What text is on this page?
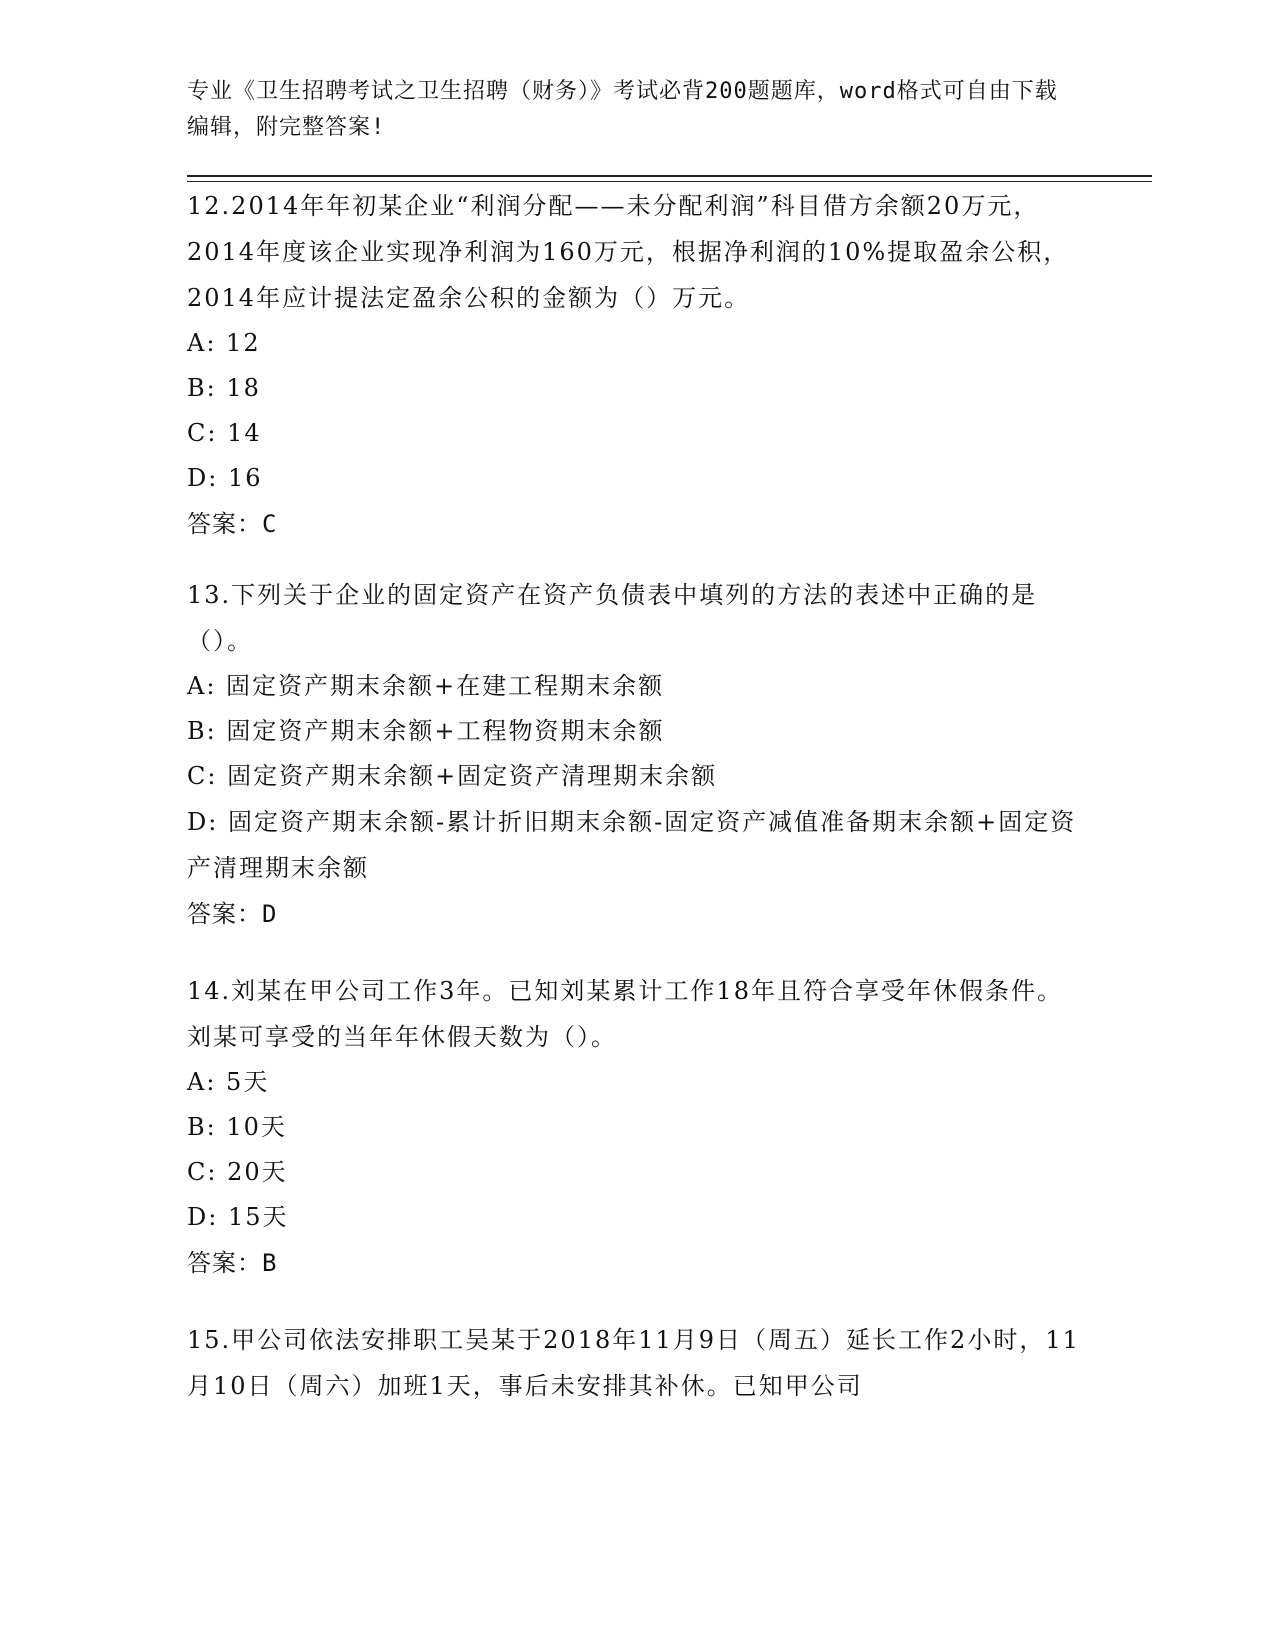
专业《卫生招聘考试之卫生招聘（财务）》考试必背200题题库，word格式可自由下载编辑，附完整答案!
12.2014年年初某企业“利润分配——未分配利润”科目借方余额20万元，2014年度该企业实现净利润为160万元，根据净利润的10%提取盈余公积，2014年应计提法定盈余公积的金额为（）万元。
A: 12
B: 18
C: 14
D: 16
答案：C
13.下列关于企业的固定资产在资产负债表中填列的方法的表述中正确的是（）。
A: 固定资产期末余额+在建工程期末余额
B: 固定资产期末余额+工程物资期末余额
C: 固定资产期末余额+固定资产清理期末余额
D: 固定资产期末余额-累计折旧期末余额-固定资产减值准备期末余额+固定资产清理期末余额
答案：D
14.刘某在甲公司工作3年。已知刘某累计工作18年且符合享受年休假条件。刘某可享受的当年年休假天数为（）。
A: 5天
B: 10天
C: 20天
D: 15天
答案：B
15.甲公司依法安排职工吴某于2018年11月9日（周五）延长工作2小时，11月10日（周六）加班1天，事后未安排其补休。已知甲公司
